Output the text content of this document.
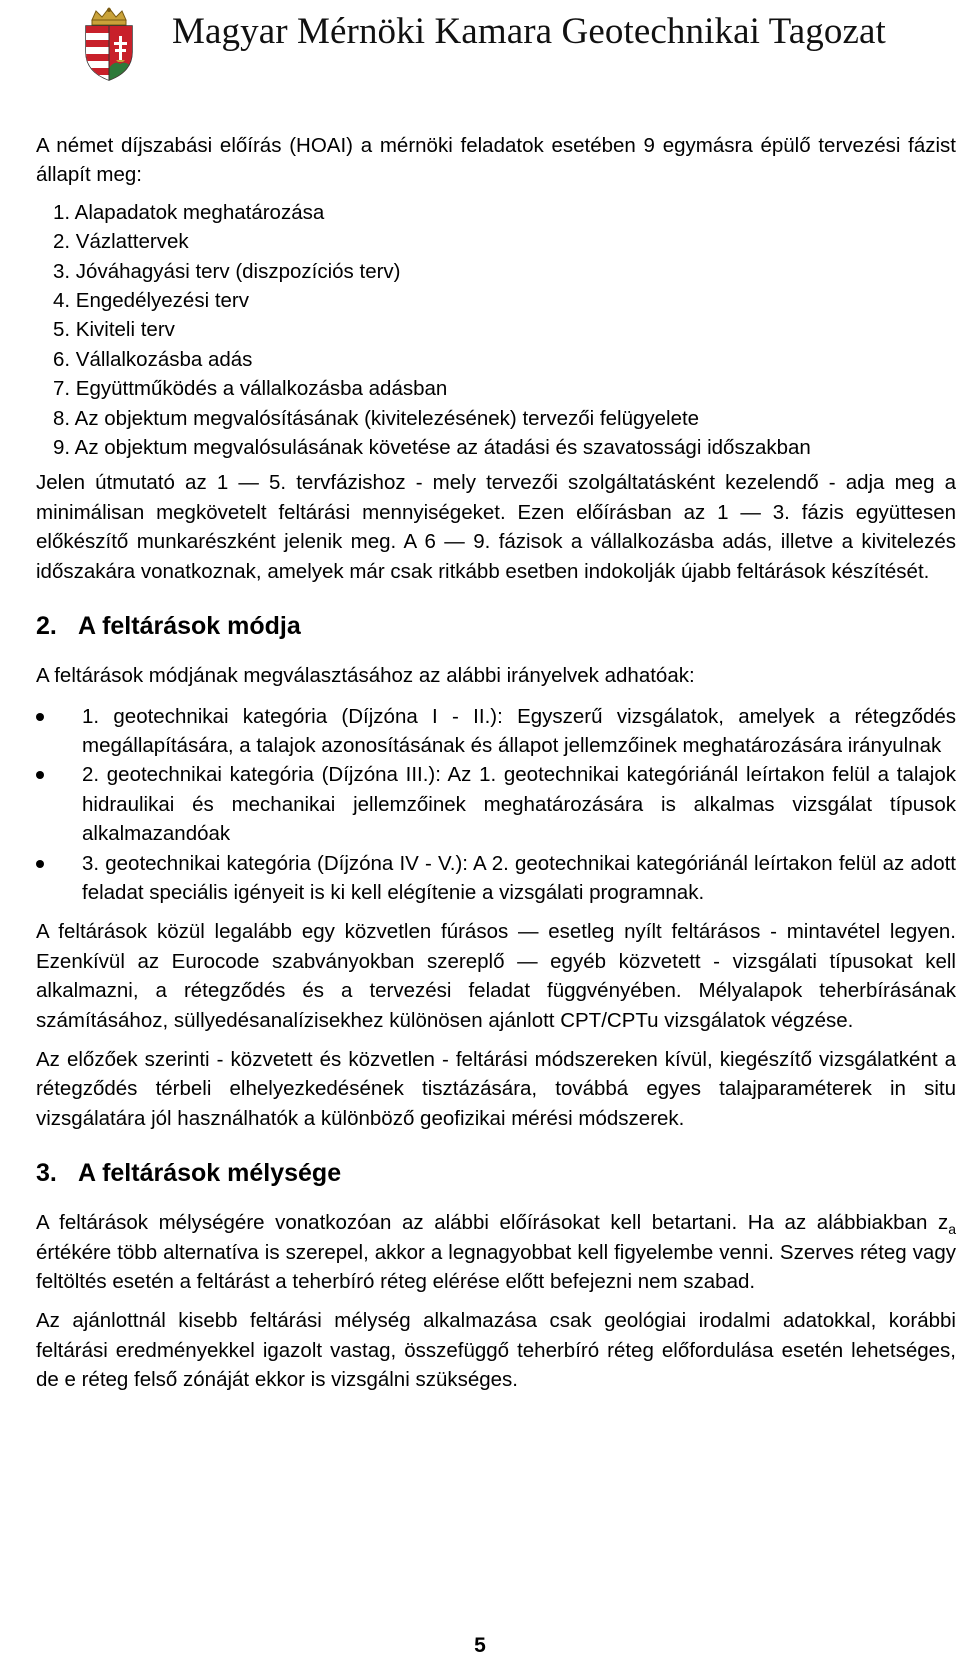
Magyar Mérnöki Kamara Geotechnikai Tagozat

A német díjszabási előírás (HOAI) a mérnöki feladatok esetében 9 egymásra épülő tervezési fázist állapít meg:

1. Alapadatok meghatározása
2. Vázlattervek
3. Jóváhagyási terv (diszpozíciós terv)
4. Engedélyezési terv
5. Kiviteli terv
6. Vállalkozásba adás
7. Együttműködés a vállalkozásba adásban
8. Az objektum megvalósításának (kivitelezésének) tervezői felügyelete
9. Az objektum megvalósulásának követése az átadási és szavatossági időszakban

Jelen útmutató az 1 — 5. tervfázishoz - mely tervezői szolgáltatásként kezelendő - adja meg a minimálisan megkövetelt feltárási mennyiségeket. Ezen előírásban az 1 — 3. fázis együttesen előkészítő munkarészként jelenik meg. A 6 — 9. fázisok a vállalkozásba adás, illetve a kivitelezés időszakára vonatkoznak, amelyek már csak ritkább esetben indokolják újabb feltárások készítését.

2. A feltárások módja

A feltárások módjának megválasztásához az alábbi irányelvek adhatóak:

1. geotechnikai kategória (Díjzóna I - II.): Egyszerű vizsgálatok, amelyek a rétegződés megállapítására, a talajok azonosításának és állapot jellemzőinek meghatározására irányulnak
2. geotechnikai kategória (Díjzóna III.): Az 1. geotechnikai kategóriánál leírtakon felül a talajok hidraulikai és mechanikai jellemzőinek meghatározására is alkalmas vizsgálat típusok alkalmazandóak
3. geotechnikai kategória (Díjzóna IV - V.): A 2. geotechnikai kategóriánál leírtakon felül az adott feladat speciális igényeit is ki kell elégítenie a vizsgálati programnak.

A feltárások közül legalább egy közvetlen fúrásos — esetleg nyílt feltárásos - mintavétel legyen. Ezenkívül az Eurocode szabványokban szereplő — egyéb közvetett - vizsgálati típusokat kell alkalmazni, a rétegződés és a tervezési feladat függvényében. Mélyalapok teherbírásának számításához, süllyedésanalízisekhez különösen ajánlott CPT/CPTu vizsgálatok végzése.

Az előzőek szerinti - közvetett és közvetlen - feltárási módszereken kívül, kiegészítő vizsgálatként a rétegződés térbeli elhelyezkedésének tisztázására, továbbá egyes talajparaméterek in situ vizsgálatára jól használhatók a különböző geofizikai mérési módszerek.

3. A feltárások mélysége

A feltárások mélységére vonatkozóan az alábbi előírásokat kell betartani. Ha az alábbiakban $z_a$ értékére több alternatíva is szerepel, akkor a legnagyobbat kell figyelembe venni. Szerves réteg vagy feltöltés esetén a feltárást a teherbíró réteg elérése előtt befejezni nem szabad.

Az ajánlottnál kisebb feltárási mélység alkalmazása csak geológiai irodalmi adatokkal, korábbi feltárási eredményekkel igazolt vastag, összefüggő teherbíró réteg előfordulása esetén lehetséges, de e réteg felső zónáját ekkor is vizsgálni szükséges.

5
